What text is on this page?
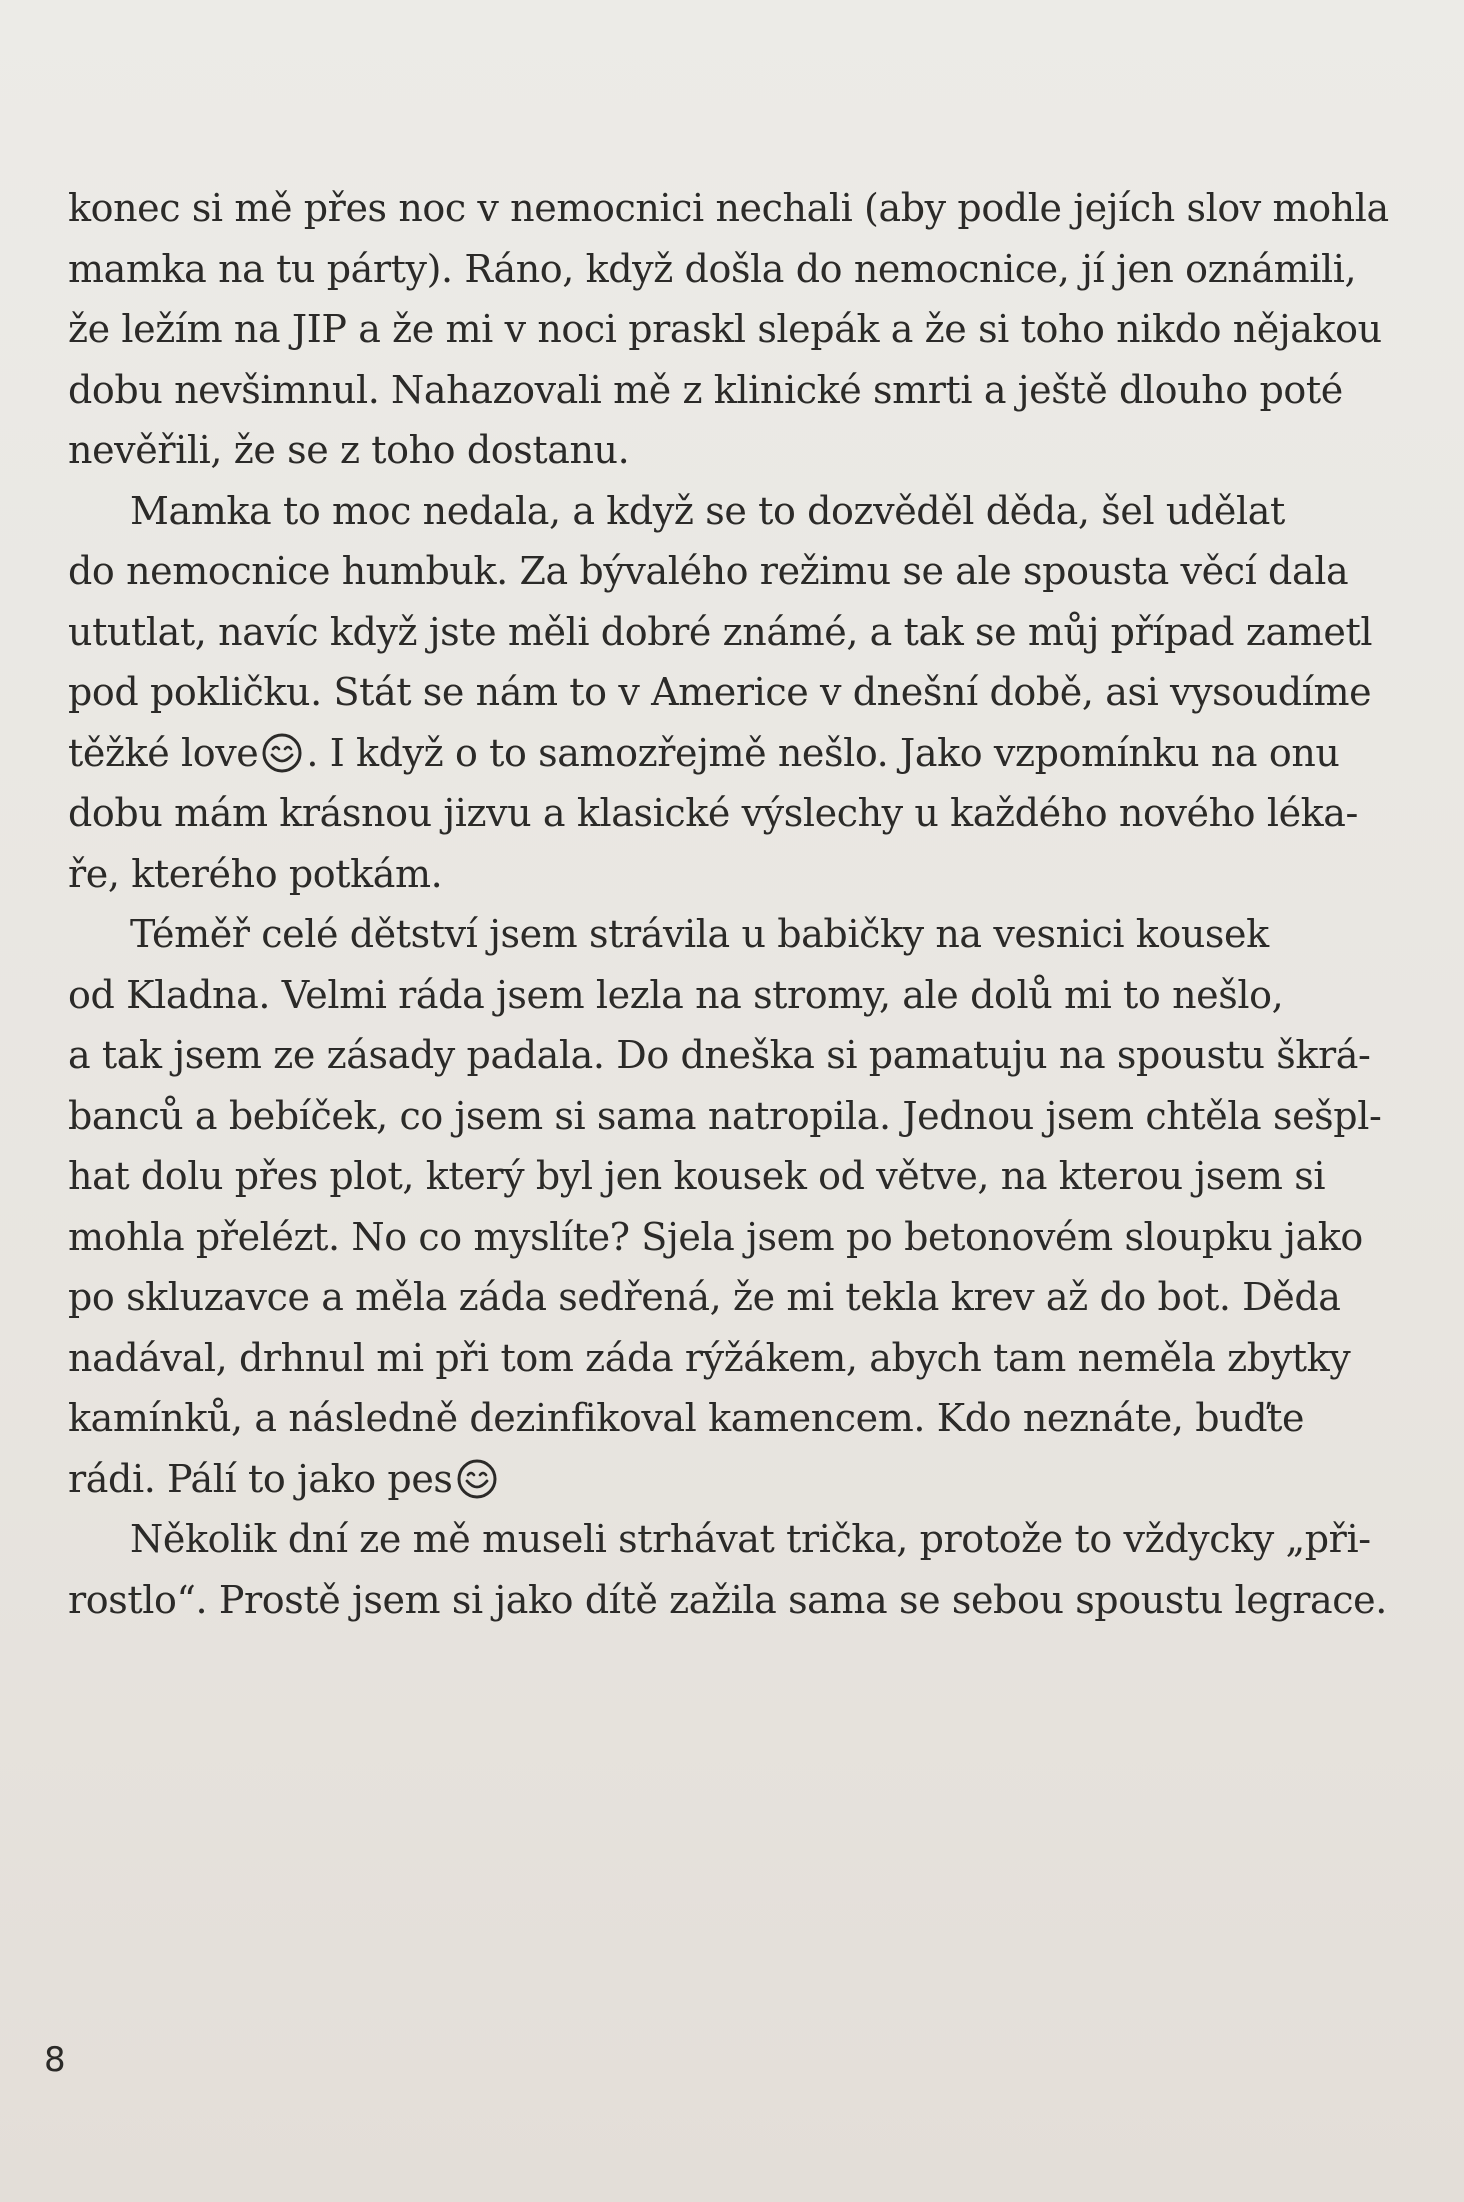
konec si mě přes noc v nemocnici nechali (aby podle jejích slov mohla
mamka na tu párty). Ráno, když došla do nemocnice, jí jen oznámili,
že ležím na JIP a že mi v noci praskl slepák a že si toho nikdo nějakou
dobu nevšimnul. Nahazovali mě z klinické smrti a ještě dlouho poté
nevěřili, že se z toho dostanu.
Mamka to moc nedala, a když se to dozvěděl děda, šel udělat
do nemocnice humbuk. Za bývalého režimu se ale spousta věcí dala
ututlat, navíc když jste měli dobré známé, a tak se můj případ zametl
pod pokličku. Stát se nám to v Americe v dnešní době, asi vysoudíme
těžké love . I když o to samozřejmě nešlo. Jako vzpomínku na onu
dobu mám krásnou jizvu a klasické výslechy u každého nového léka-
ře, kterého potkám.
Téměř celé dětství jsem strávila u babičky na vesnici kousek
od Kladna. Velmi ráda jsem lezla na stromy, ale dolů mi to nešlo,
a tak jsem ze zásady padala. Do dneška si pamatuju na spoustu škrá-
banců a bebíček, co jsem si sama natropila. Jednou jsem chtěla sešpl-
hat dolu přes plot, který byl jen kousek od větve, na kterou jsem si
mohla přelézt. No co myslíte? Sjela jsem po betonovém sloupku jako
po skluzavce a měla záda sedřená, že mi tekla krev až do bot. Děda
nadával, drhnul mi při tom záda rýžákem, abych tam neměla zbytky
kamínků, a následně dezinfikoval kamencem. Kdo neznáte, buďte
rádi. Pálí to jako pes
Několik dní ze mě museli strhávat trička, protože to vždycky „při-
rostlo“. Prostě jsem si jako dítě zažila sama se sebou spoustu legrace.
8
